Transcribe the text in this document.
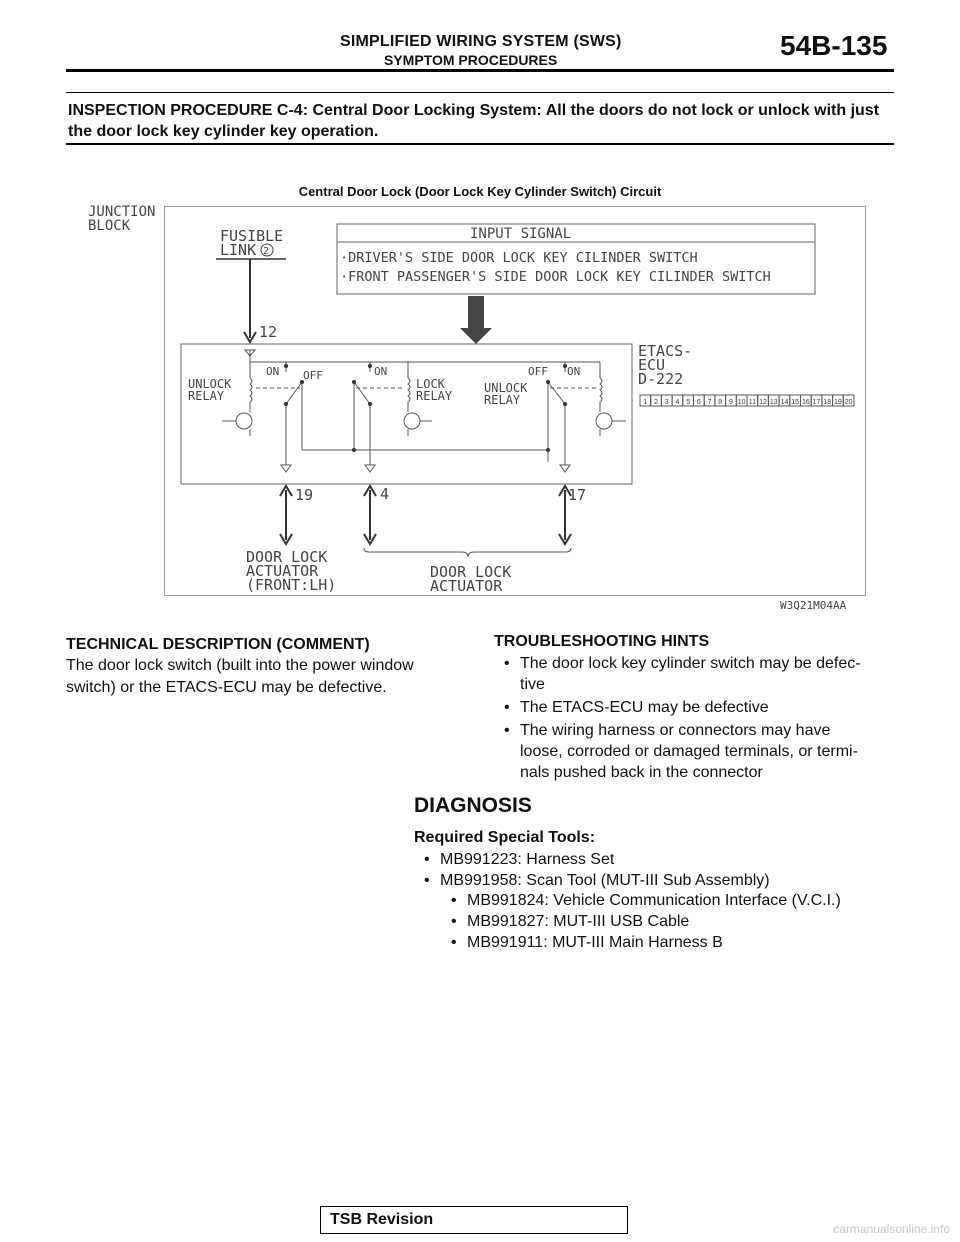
SIMPLIFIED WIRING SYSTEM (SWS)
SYMPTOM PROCEDURES	54B-135
INSPECTION PROCEDURE C-4: Central Door Locking System: All the doors do not lock or unlock with just the door lock key cylinder key operation.
Central Door Lock (Door Lock Key Cylinder Switch) Circuit
JUNCTION
BLOCK
FUSIBLE
LINK 2
12
INPUT SIGNAL
·DRIVER'S SIDE DOOR LOCK KEY CILINDER SWITCH
·FRONT PASSENGER'S SIDE DOOR LOCK KEY CILINDER SWITCH
ETACS-
ECU
D-222
1 2 3 4 5 6 7 8 9 10 11 12 13 14 15 16 17 18 19 20
UNLOCK
RELAY
LOCK
RELAY
UNLOCK
RELAY
ON OFF	ON	OFF ON
19	4	17
DOOR LOCK
ACTUATOR
(FRONT:LH)
DOOR LOCK
ACTUATOR
W3Q21M04AA
TECHNICAL DESCRIPTION (COMMENT)
The door lock switch (built into the power window
switch) or the ETACS-ECU may be defective.
TROUBLESHOOTING HINTS
• The door lock key cylinder switch may be defec-
tive
• The ETACS-ECU may be defective
• The wiring harness or connectors may have
loose, corroded or damaged terminals, or termi-
nals pushed back in the connector
DIAGNOSIS
Required Special Tools:
• MB991223: Harness Set
• MB991958: Scan Tool (MUT-III Sub Assembly)
• MB991824: Vehicle Communication Interface (V.C.I.)
• MB991827: MUT-III USB Cable
• MB991911: MUT-III Main Harness B
TSB Revision
carmanualsonline.info
